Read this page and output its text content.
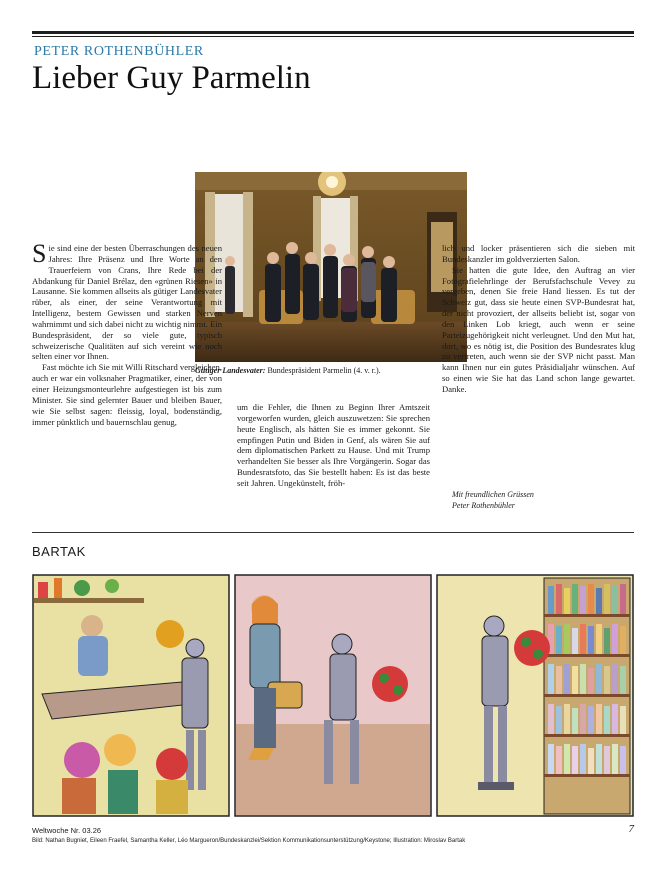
PETER ROTHENBÜHLER
Lieber Guy Parmelin
Gütiger Landesvater: Bundespräsident Parmelin (4. v. r.).

Sie sind eine der besten Überraschungen des neuen Jahres: Ihre Präsenz und Ihre Worte an den Trauerfeiern von Crans, Ihre Rede bei der Abdankung für Daniel Brélaz, den «grünen Riesen» in Lausanne. Sie kommen allseits als gütiger Landesvater rüber, als einer, der seine Verantwortung mit Intelligenz, bestem Gewissen und starken Nerven wahrnimmt und sich dabei nicht zu wichtig nimmt. Ein Bundespräsident, der so viele gute, typisch schweizerische Qualitäten auf sich vereint wie noch selten einer vor Ihnen.

Fast möchte ich Sie mit Willi Ritschard vergleichen, auch er war ein volksnaher Pragmatiker, einer, der von einer Heizungsmonteurlehre aufgestiegen ist bis zum Minister. Sie sind gelernter Bauer und bleiben Bauer, wie Sie selbst sagen: fleissig, loyal, bodenständig, immer pünktlich und bauernschlau genug,

um die Fehler, die Ihnen zu Beginn Ihrer Amtszeit vorgeworfen wurden, gleich auszuwetzen: Sie sprechen heute Englisch, als hätten Sie es immer gekonnt. Sie empfingen Putin und Biden in Genf, als wären Sie auf dem diplomatischen Parkett zu Hause. Und mit Trump verhandelten Sie besser als Ihre Vorgängerin. Sogar das Bundesratsfoto, das Sie bestellt haben: Es ist das beste seit Jahren. Ungekünstelt, fröh-

lich und locker präsentieren sich die sieben mit Bundeskanzler im goldverzierten Salon.

Sie hatten die gute Idee, den Auftrag an vier Fotografielehrlinge der Berufsfachschule Vevey zu vergeben, denen Sie freie Hand liessen. Es tut der Schweiz gut, dass sie heute einen SVP-Bundesrat hat, der nicht provoziert, der allseits beliebt ist, sogar von den Linken Lob kriegt, auch wenn er seine Parteizugehörigkeit nicht verleugnet. Und den Mut hat, dort, wo es nötig ist, die Position des Bundesrates klug zu vertreten, auch wenn sie der SVP nicht passt. Man kann Ihnen nur ein gutes Präsidialjahr wünschen. Auf so einen wie Sie hat das Land schon lange gewartet. Danke.

Mit freundlichen Grüssen
Peter Rothenbühler
BARTAK
Weltwoche Nr. 03.26
Bild: Nathan Bugniet, Eileen Fraefel, Samantha Keller, Léo Margueron/Bundeskanzlei/Sektion Kommunikationsunterstützung/Keystone; Illustration: Miroslav Bartak
7
